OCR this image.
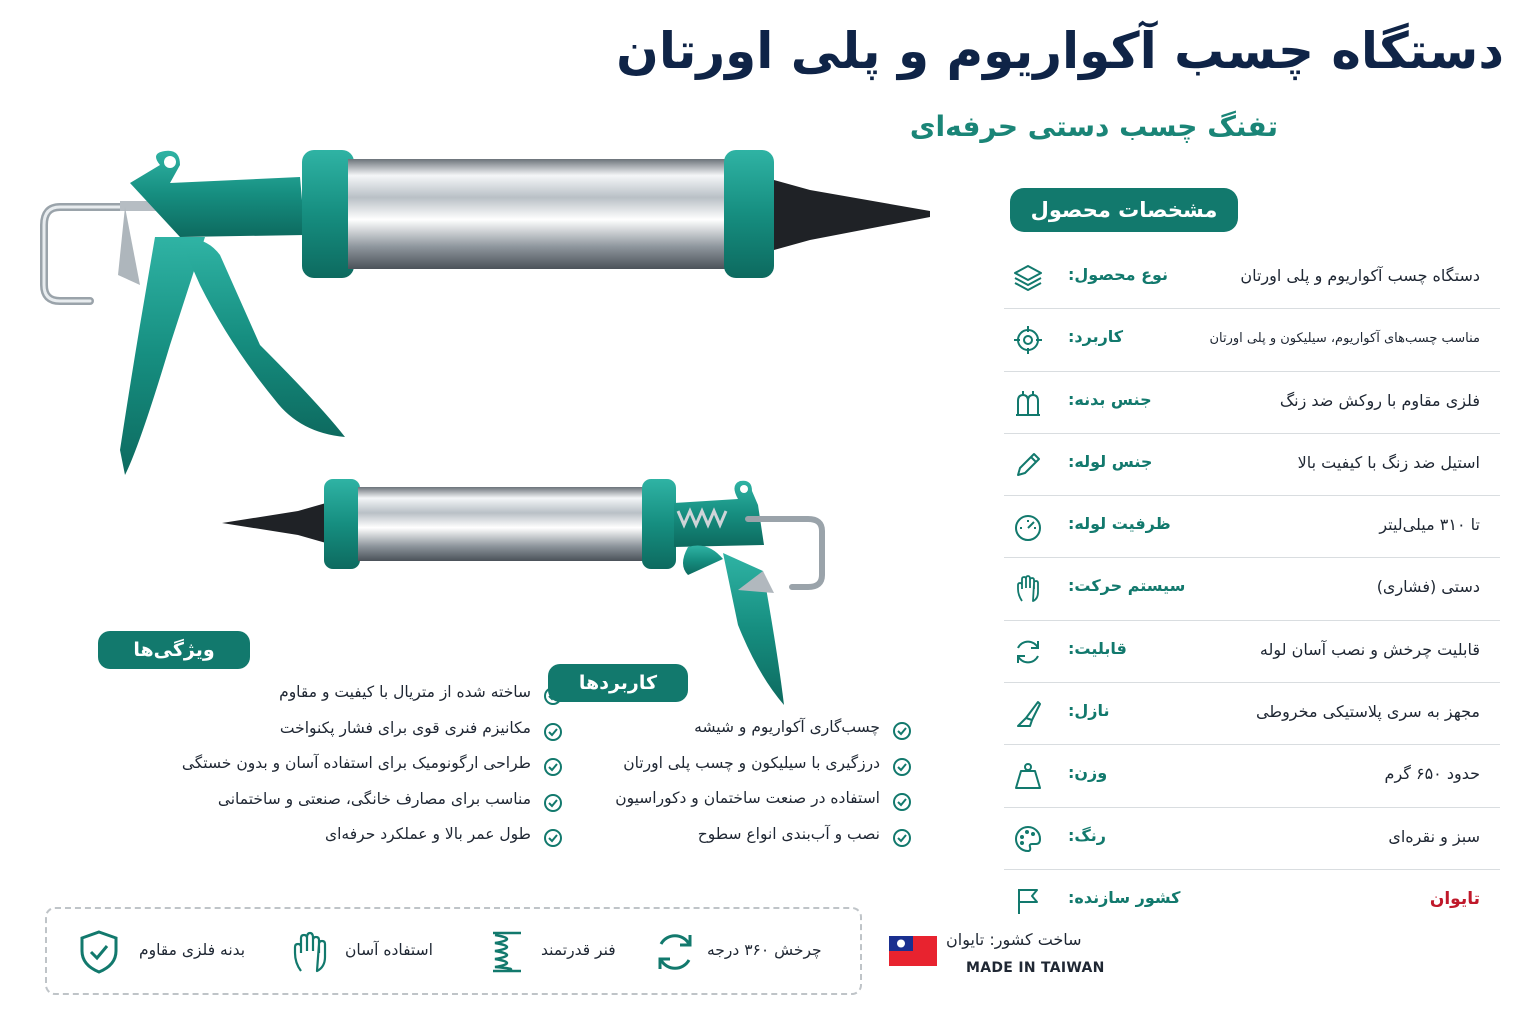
دستگاه چسب آکواریوم و پلی اورتان
تفنگ چسب دستی حرفه‌ای
مشخصات محصول
نوع محصول:	دستگاه چسب آکواریوم و پلی اورتان
کاربرد:	مناسب چسب‌های آکواریوم، سیلیکون و پلی اورتان
جنس بدنه:	فلزی مقاوم با روکش ضد زنگ
جنس لوله:	استیل ضد زنگ با کیفیت بالا
ظرفیت لوله:	تا ۳۱۰ میلی‌لیتر
سیستم حرکت:	دستی (فشاری)
قابلیت:	قابلیت چرخش و نصب آسان لوله
نازل:	مجهز به سری پلاستیکی مخروطی
وزن:	حدود ۶۵۰ گرم
رنگ:	سبز و نقره‌ای
کشور سازنده:	تایوان
ویژگی‌ها
ساخته شده از متریال با کیفیت و مقاوم
مکانیزم فنری قوی برای فشار پکنواخت
طراحی ارگونومیک برای استفاده آسان و بدون خستگی
مناسب برای مصارف خانگی، صنعتی و ساختمانی
طول عمر بالا و عملکرد حرفه‌ای
کاربردها
چسب‌گاری آکواریوم و شیشه
درزگیری با سیلیکون و چسب پلی اورتان
استفاده در صنعت ساختمان و دکوراسیون
نصب و آب‌بندی انواع سطوح
بدنه فلزی مقاوم	استفاده آسان	فنر قدرتمند	چرخش ۳۶۰ درجه
ساخت کشور: تایوان
MADE IN TAIWAN
